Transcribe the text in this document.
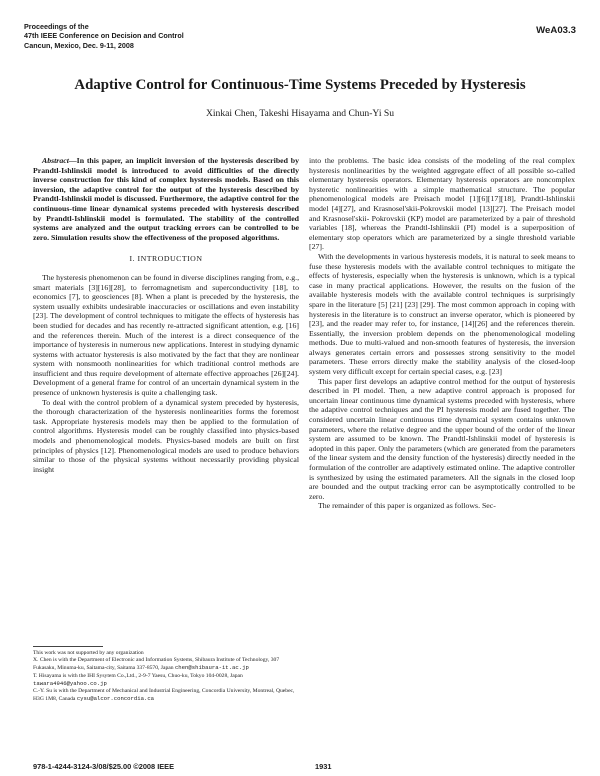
Proceedings of the
47th IEEE Conference on Decision and Control
Cancun, Mexico, Dec. 9-11, 2008
WeA03.3
Adaptive Control for Continuous-Time Systems Preceded by Hysteresis
Xinkai Chen, Takeshi Hisayama and Chun-Yi Su

Abstract—In this paper, an implicit inversion of the hysteresis described by Prandtl-Ishlinskii model is introduced to avoid difficulties of the directly inverse construction for this kind of complex hysteresis models. Based on this inversion, the adaptive control for the output of the hysteresis described by Prandtl-Ishlinskii model is discussed. Furthermore, the adaptive control for the continuous-time linear dynamical systems preceded with hysteresis described by Prandtl-Ishlinskii model is formulated. The stability of the controlled systems are analyzed and the output tracking errors can be controlled to be zero. Simulation results show the effectiveness of the proposed algorithms.

I. INTRODUCTION

The hysteresis phenomenon can be found in diverse disciplines ranging from, e.g., smart materials [3][16][28], to ferromagnetism and superconductivity [18], to economics [7], to geosciences [8]. When a plant is preceded by the hysteresis, the system usually exhibits undesirable inaccuracies or oscillations and even instability [23]. The development of control techniques to mitigate the effects of hysteresis has been studied for decades and has recently re-attracted significant attention, e.g. [16] and the references therein. Much of the interest is a direct consequence of the importance of hysteresis in numerous new applications. Interest in studying dynamic systems with actuator hysteresis is also motivated by the fact that they are nonlinear system with nonsmooth nonlinearities for which traditional control methods are insufficient and thus require development of alternate effective approaches [26][24]. Development of a general frame for control of an uncertain dynamical system in the presence of unknown hysteresis is quite a challenging task.

To deal with the control problem of a dynamical system preceded by hysteresis, the thorough characterization of the hysteresis nonlinearities forms the foremost task. Appropriate hysteresis models may then be applied to the formulation of control algorithms. Hysteresis model can be roughly classified into physics-based models and phenomenological models. Physics-based models are built on first principles of physics [12]. Phenomenological models are used to produce behaviors similar to those of the physical systems without necessarily providing physical insight

This work was not supported by any organization
X. Chen is with the Department of Electronic and Information Systems, Shibaura Institute of Technology, 307 Fukasaku, Minuma-ku, Saitama-city, Saitama 337-8570, Japan chen@shibaura-it.ac.jp
T. Hisayama is with the IHI Sysytem Co.,Ltd., 2-9-7 Yaesu, Chuo-ku, Tokyo 104-0028, Japan tawara4946@yahoo.co.jp
C.-Y. Su is with the Department of Mechanical and Industrial Engineering, Concordia University, Montreal, Quebec, H3G 1M8, Canada cysu@alcor.concordia.ca

into the problems. The basic idea consists of the modeling of the real complex hysteresis nonlinearities by the weighted aggregate effect of all possible so-called elementary hysteresis operators. Elementary hysteresis operators are noncomplex hysteretic nonlinearities with a simple mathematical structure. The popular phenomenological models are Preisach model [1][6][17][18], Prandtl-Ishlinskii model [4][27], and Krasnosel'skii-Pokrovskii model [13][27]. The Preisach model and Krasnosel'skii- Pokrovskii (KP) model are parameterized by a pair of threshold variables [18], whereas the Prandtl-Ishlinskii (PI) model is a superposition of elementary stop operators which are parameterized by a single threshold variable [27].

With the developments in various hysteresis models, it is natural to seek means to fuse these hysteresis models with the available control techniques to mitigate the effects of hysteresis, especially when the hysteresis is unknown, which is a typical case in many practical applications. However, the results on the fusion of the available hysteresis models with the available control techniques is surprisingly spare in the literature [5] [21] [23] [29]. The most common approach in coping with hysteresis in the literature is to construct an inverse operator, which is pioneered by [23], and the reader may refer to, for instance, [14][26] and the references therein. Essentially, the inversion problem depends on the phenomenological modeling methods. Due to multi-valued and non-smooth features of hysteresis, the inversion always generates certain errors and possesses strong sensitivity to the model parameters. These errors directly make the stability analysis of the closed-loop system very difficult except for certain special cases, e.g. [23]

This paper first develops an adaptive control method for the output of hysteresis described in PI model. Then, a new adaptive control approach is proposed for uncertain linear continuous time dynamical systems preceded with hysteresis, where the adaptive control techniques and the PI hysteresis model are fused together. The considered uncertain linear continuous time dynamical system contains unknown parameters, where the relative degree and the upper bound of the order of the linear system are assumed to be known. The Prandtl-Ishlinskii model of hysteresis is adopted in this paper. Only the parameters (which are generated from the parameters of the linear system and the density function of the hysteresis) directly needed in the formulation of the controller are adaptively estimated online. The adaptive controller is synthesized by using the estimated parameters. All the signals in the closed loop are bounded and the output tracking error can be asymptotically controlled to be zero.

The remainder of this paper is organized as follows. Sec-

978-1-4244-3124-3/08/$25.00 ©2008 IEEE	1931
